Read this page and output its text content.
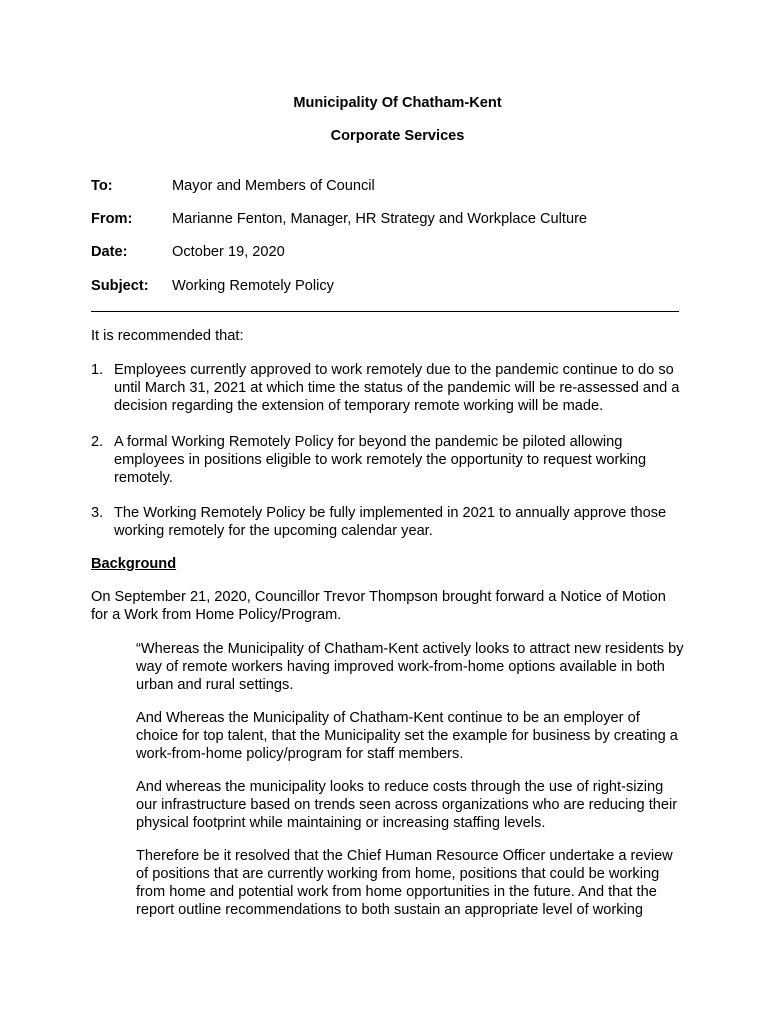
Municipality Of Chatham-Kent
Corporate Services
To:	Mayor and Members of Council
From:	Marianne Fenton, Manager, HR Strategy and Workplace Culture
Date:	October 19, 2020
Subject: Working Remotely Policy
It is recommended that:
1. Employees currently approved to work remotely due to the pandemic continue to do so
until March 31, 2021 at which time the status of the pandemic will be re-assessed and a
decision regarding the extension of temporary remote working will be made.
2. A formal Working Remotely Policy for beyond the pandemic be piloted allowing
employees in positions eligible to work remotely the opportunity to request working
remotely.
3. The Working Remotely Policy be fully implemented in 2021 to annually approve those
working remotely for the upcoming calendar year.
Background
On September 21, 2020, Councillor Trevor Thompson brought forward a Notice of Motion
for a Work from Home Policy/Program.
“Whereas the Municipality of Chatham-Kent actively looks to attract new residents by
way of remote workers having improved work-from-home options available in both
urban and rural settings.
And Whereas the Municipality of Chatham-Kent continue to be an employer of
choice for top talent, that the Municipality set the example for business by creating a
work-from-home policy/program for staff members.
And whereas the municipality looks to reduce costs through the use of right-sizing
our infrastructure based on trends seen across organizations who are reducing their
physical footprint while maintaining or increasing staffing levels.
Therefore be it resolved that the Chief Human Resource Officer undertake a review
of positions that are currently working from home, positions that could be working
from home and potential work from home opportunities in the future. And that the
report outline recommendations to both sustain an appropriate level of working
